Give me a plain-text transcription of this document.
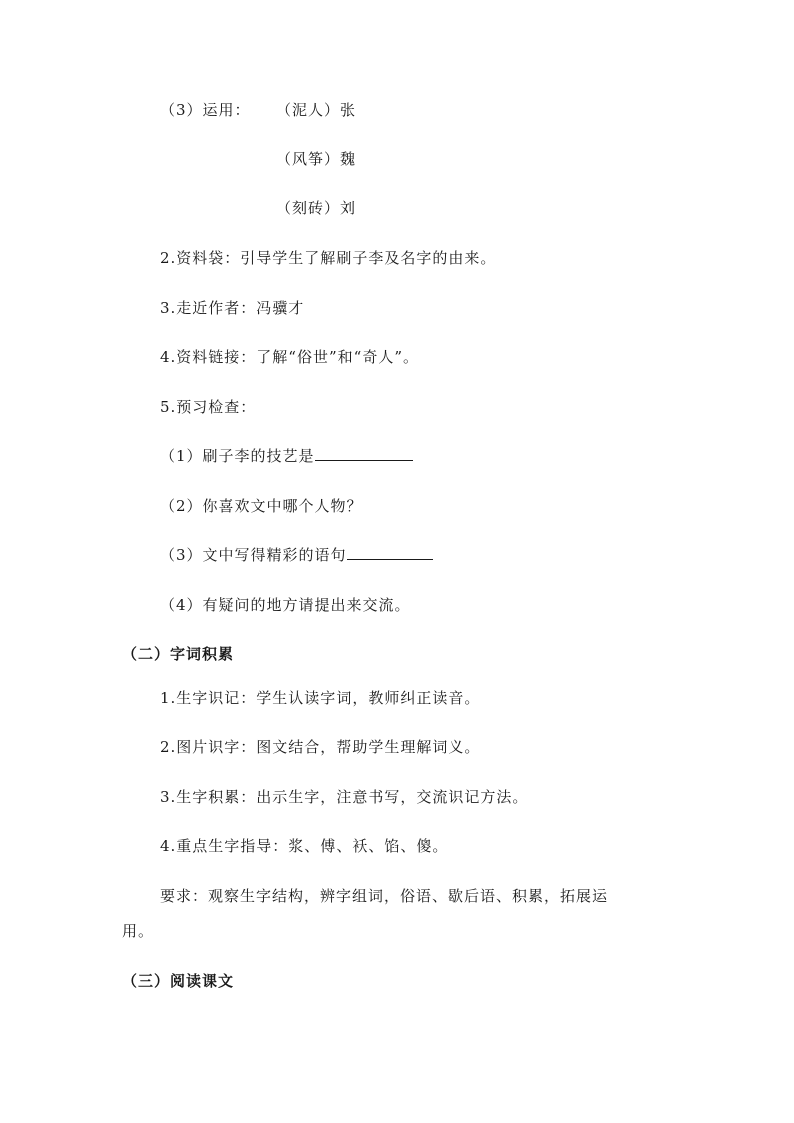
（3）运用： （泥人）张
（风筝）魏
（刻砖）刘
2.资料袋：引导学生了解刷子李及名字的由来。
3.走近作者：冯骥才
4.资料链接：了解“俗世”和“奇人”。
5.预习检查：
（1）刷子李的技艺是
（2）你喜欢文中哪个人物？
（3）文中写得精彩的语句
（4）有疑问的地方请提出来交流。
（二）字词积累
1.生字识记：学生认读字词，教师纠正读音。
2.图片识字：图文结合，帮助学生理解词义。
3.生字积累：出示生字，注意书写，交流识记方法。
4.重点生字指导：浆、傅、袄、馅、傻。
要求：观察生字结构，辨字组词，俗语、歇后语、积累，拓展运
用。
（三）阅读课文
